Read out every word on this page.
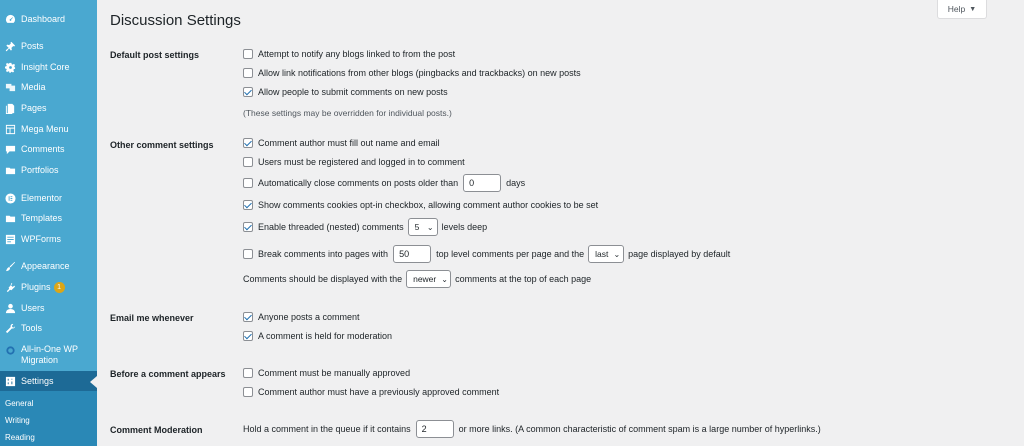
Dashboard
Posts
Insight Core
Media
Pages
Mega Menu
Comments
Portfolios
Elementor
Templates
WPForms
Appearance
Plugins 1
Users
Tools
All-in-One WP Migration
Settings
General
Writing
Reading
Help ▼
Discussion Settings
Default post settings	Attempt to notify any blogs linked to from the post
Allow link notifications from other blogs (pingbacks and trackbacks) on new posts
Allow people to submit comments on new posts
(These settings may be overridden for individual posts.)
Other comment settings	Comment author must fill out name and email
Users must be registered and logged in to comment
Automatically close comments on posts older than	0	days
Show comments cookies opt-in checkbox, allowing comment author cookies to be set
Enable threaded (nested) comments 5 ⌄ levels deep
Break comments into pages with	50	top level comments per page and the last ⌄ page displayed by default
Comments should be displayed with the newer ⌄ comments at the top of each page
Email me whenever	Anyone posts a comment
A comment is held for moderation
Before a comment appears	Comment must be manually approved
Comment author must have a previously approved comment
Comment Moderation	Hold a comment in the queue if it contains	2	or more links. (A common characteristic of comment spam is a large number of hyperlinks.)
